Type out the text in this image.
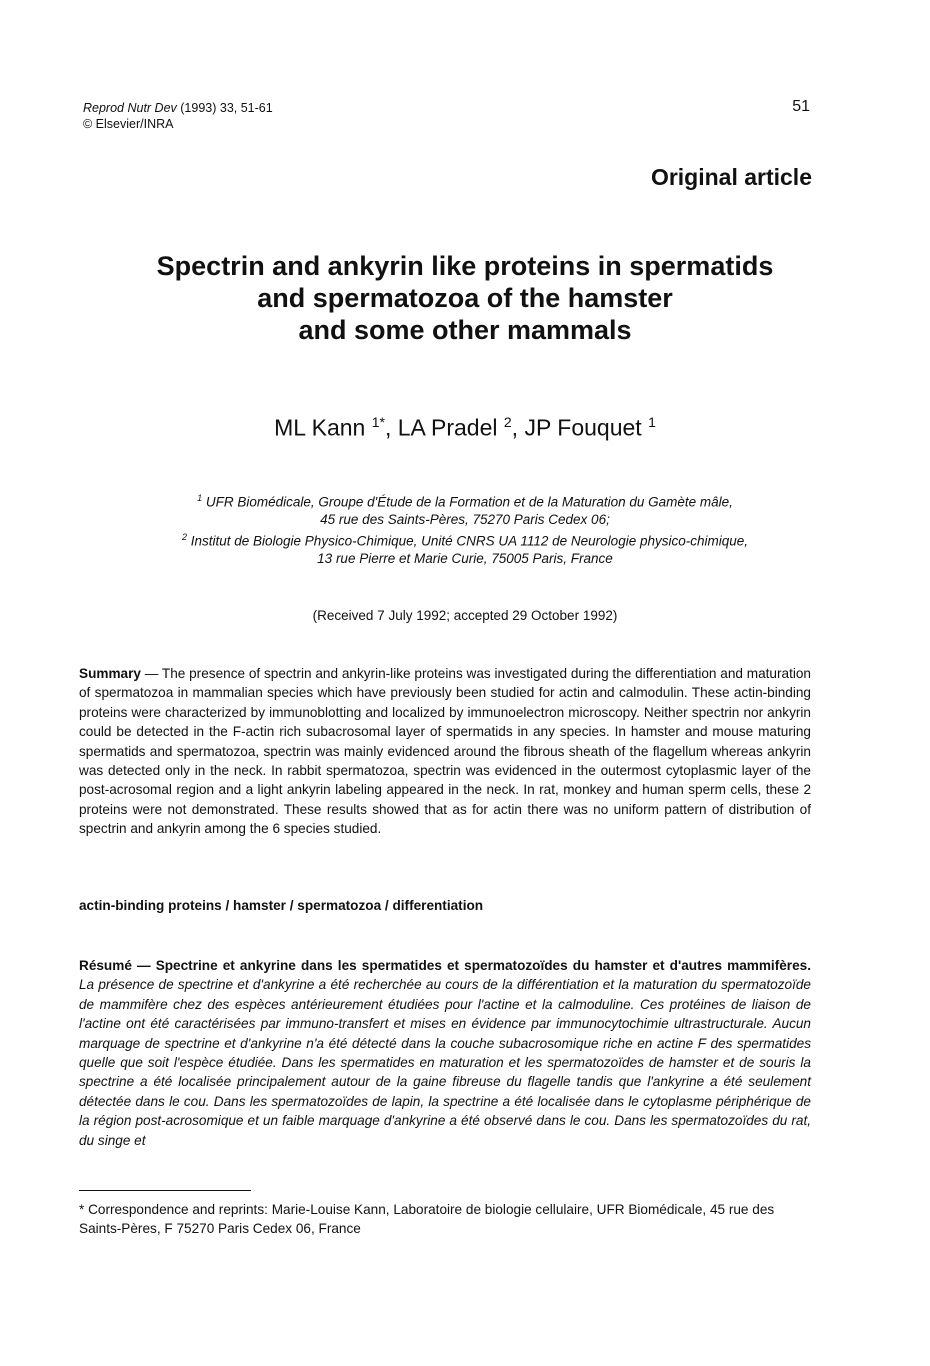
Reprod Nutr Dev (1993) 33, 51-61
© Elsevier/INRA
51
Original article
Spectrin and ankyrin like proteins in spermatids
and spermatozoa of the hamster
and some other mammals
ML Kann $^{1*}$, LA Pradel $^2$, JP Fouquet $^1$

$^1$ UFR Biomédicale, Groupe d'Étude de la Formation et de la Maturation du Gamète mâle,

45 rue des Saints-Pères, 75270 Paris Cedex 06;

$^2$ Institut de Biologie Physico-Chimique, Unité CNRS UA 1112 de Neurologie physico-chimique,

13 rue Pierre et Marie Curie, 75005 Paris, France

(Received 7 July 1992; accepted 29 October 1992)

Summary — The presence of spectrin and ankyrin-like proteins was investigated during the differentiation and maturation of spermatozoa in mammalian species which have previously been studied for actin and calmodulin. These actin-binding proteins were characterized by immunoblotting and localized by immunoelectron microscopy. Neither spectrin nor ankyrin could be detected in the F-actin rich subacrosomal layer of spermatids in any species. In hamster and mouse maturing spermatids and spermatozoa, spectrin was mainly evidenced around the fibrous sheath of the flagellum whereas ankyrin was detected only in the neck. In rabbit spermatozoa, spectrin was evidenced in the outermost cytoplasmic layer of the post-acrosomal region and a light ankyrin labeling appeared in the neck. In rat, monkey and human sperm cells, these 2 proteins were not demonstrated. These results showed that as for actin there was no uniform pattern of distribution of spectrin and ankyrin among the 6 species studied.

actin-binding proteins / hamster / spermatozoa / differentiation

Résumé — Spectrine et ankyrine dans les spermatides et spermatozoïdes du hamster et d'autres mammifères. La présence de spectrine et d'ankyrine a été recherchée au cours de la différentiation et la maturation du spermatozoïde de mammifère chez des espèces antérieurement étudiées pour l'actine et la calmoduline. Ces protéines de liaison de l'actine ont été caractérisées par immuno-transfert et mises en évidence par immunocytochimie ultrastructurale. Aucun marquage de spectrine et d'ankyrine n'a été détecté dans la couche subacrosomique riche en actine F des spermatides quelle que soit l'espèce étudiée. Dans les spermatides en maturation et les spermatozoïdes de hamster et de souris la spectrine a été localisée principalement autour de la gaine fibreuse du flagelle tandis que l'ankyrine a été seulement détectée dans le cou. Dans les spermatozoïdes de lapin, la spectrine a été localisée dans le cytoplasme périphérique de la région post-acrosomique et un faible marquage d'ankyrine a été observé dans le cou. Dans les spermatozoïdes du rat, du singe et

* Correspondence and reprints: Marie-Louise Kann, Laboratoire de biologie cellulaire, UFR Biomédicale, 45 rue des Saints-Pères, F 75270 Paris Cedex 06, France
